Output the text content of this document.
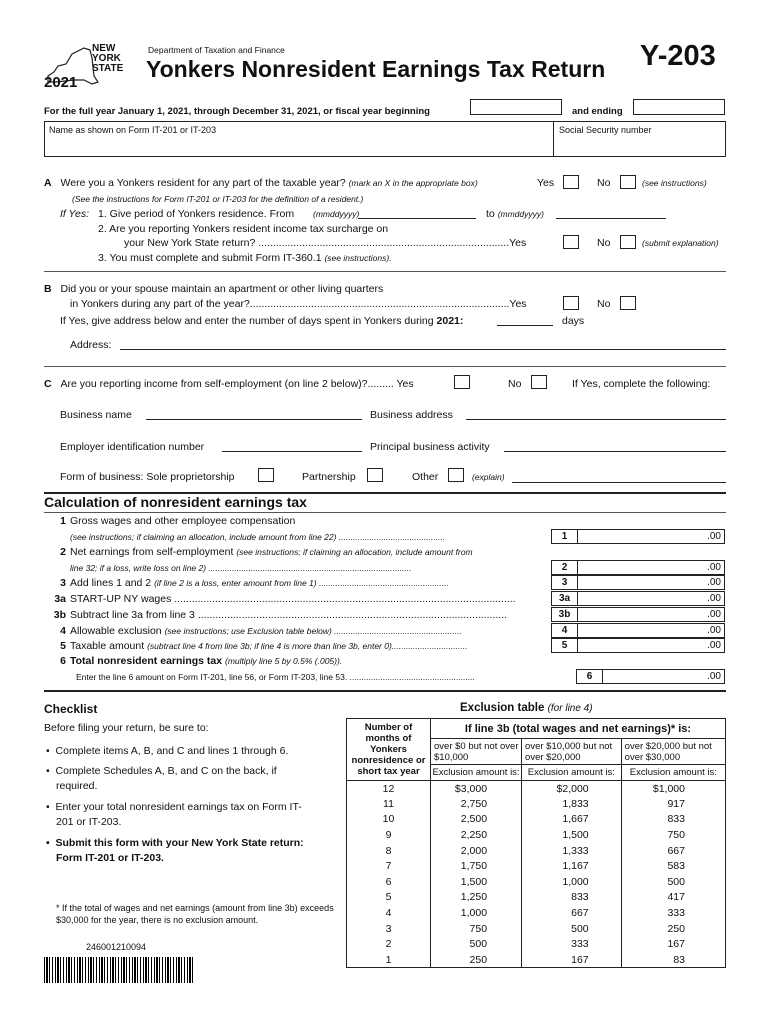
NEW
YORK
STATE
2021
Department of Taxation and Finance
Yonkers Nonresident Earnings Tax Return Y-203
For the full year January 1, 2021, through December 31, 2021, or fiscal year beginning	and ending
Name as shown on Form IT-201 or IT-203	Social Security number
A Were you a Yonkers resident for any part of the taxable year? (mark an X in the appropriate box)	Yes	No	(see instructions)
(See the instructions for Form IT-201 or IT-203 for the definition of a resident.)
If Yes: 1. Give period of Yonkers residence. From (mmddyyyy)	to (mmddyyyy)
2. Are you reporting Yonkers resident income tax surcharge on
your New York State return? ......................................................................................Yes	No	(submit explanation)
3. You must complete and submit Form IT-360.1 (see instructions).
B Did you or your spouse maintain an apartment or other living quarters
in Yonkers during any part of the year?.........................................................................................Yes	No
If Yes, give address below and enter the number of days spent in Yonkers during 2021:	days
Address:
C Are you reporting income from self-employment (on line 2 below)?......... Yes	No	If Yes, complete the following:
Business name	Business address
Employer identification number	Principal business activity
Form of business: Sole proprietorship	Partnership	Other	(explain)
Calculation of nonresident earnings tax
1 Gross wages and other employee compensation
(see instructions; if claiming an allocation, include amount from line 22) .............................................	1	.00
2 Net earnings from self-employment (see instructions; if claiming an allocation, include amount from
line 32; if a loss, write loss on line 2) ......................................................................................	2	.00
3 Add lines 1 and 2 (if line 2 is a loss, enter amount from line 1) .......................................................	3	.00
3a START-UP NY wages .....................................................................................................................	3a	.00
3b Subtract line 3a from line 3 ..........................................................................................................	3b	.00
4 Allowable exclusion (see instructions; use Exclusion table below) ......................................................	4	.00
5 Taxable amount (subtract line 4 from line 3b; if line 4 is more than line 3b, enter 0)................................	5	.00
6 Total nonresident earnings tax (multiply line 5 by 0.5% (.005)).
Enter the line 6 amount on Form IT-201, line 56, or Form IT-203, line 53. .....................................................	6	.00
Checklist
Before filing your return, be sure to:
•  Complete items A, B, and C and lines 1 through 6.
•  Complete Schedules A, B, and C on the back, if required.
•  Enter your total nonresident earnings tax on Form IT-201 or IT-203.
•  Submit this form with your New York State return: Form IT-201 or IT-203.
* If the total of wages and net earnings (amount from line 3b) exceeds $30,000 for the year, there is no exclusion amount.
246001210094
Exclusion table (for line 4)
Number of months of Yonkers nonresidence or short tax year	If line 3b (total wages and net earnings)* is:		
	over $0 but not over $10,000	over $10,000 but not over $20,000	over $20,000 but not over $30,000
	Exclusion amount is:	Exclusion amount is:	Exclusion amount is:
12	$3,000	$2,000	$1,000
11	2,750	1,833	917
10	2,500	1,667	833
9	2,250	1,500	750
8	2,000	1,333	667
7	1,750	1,167	583
6	1,500	1,000	500
5	1,250	833	417
4	1,000	667	333
3	750	500	250
2	500	333	167
1	250	167	83
